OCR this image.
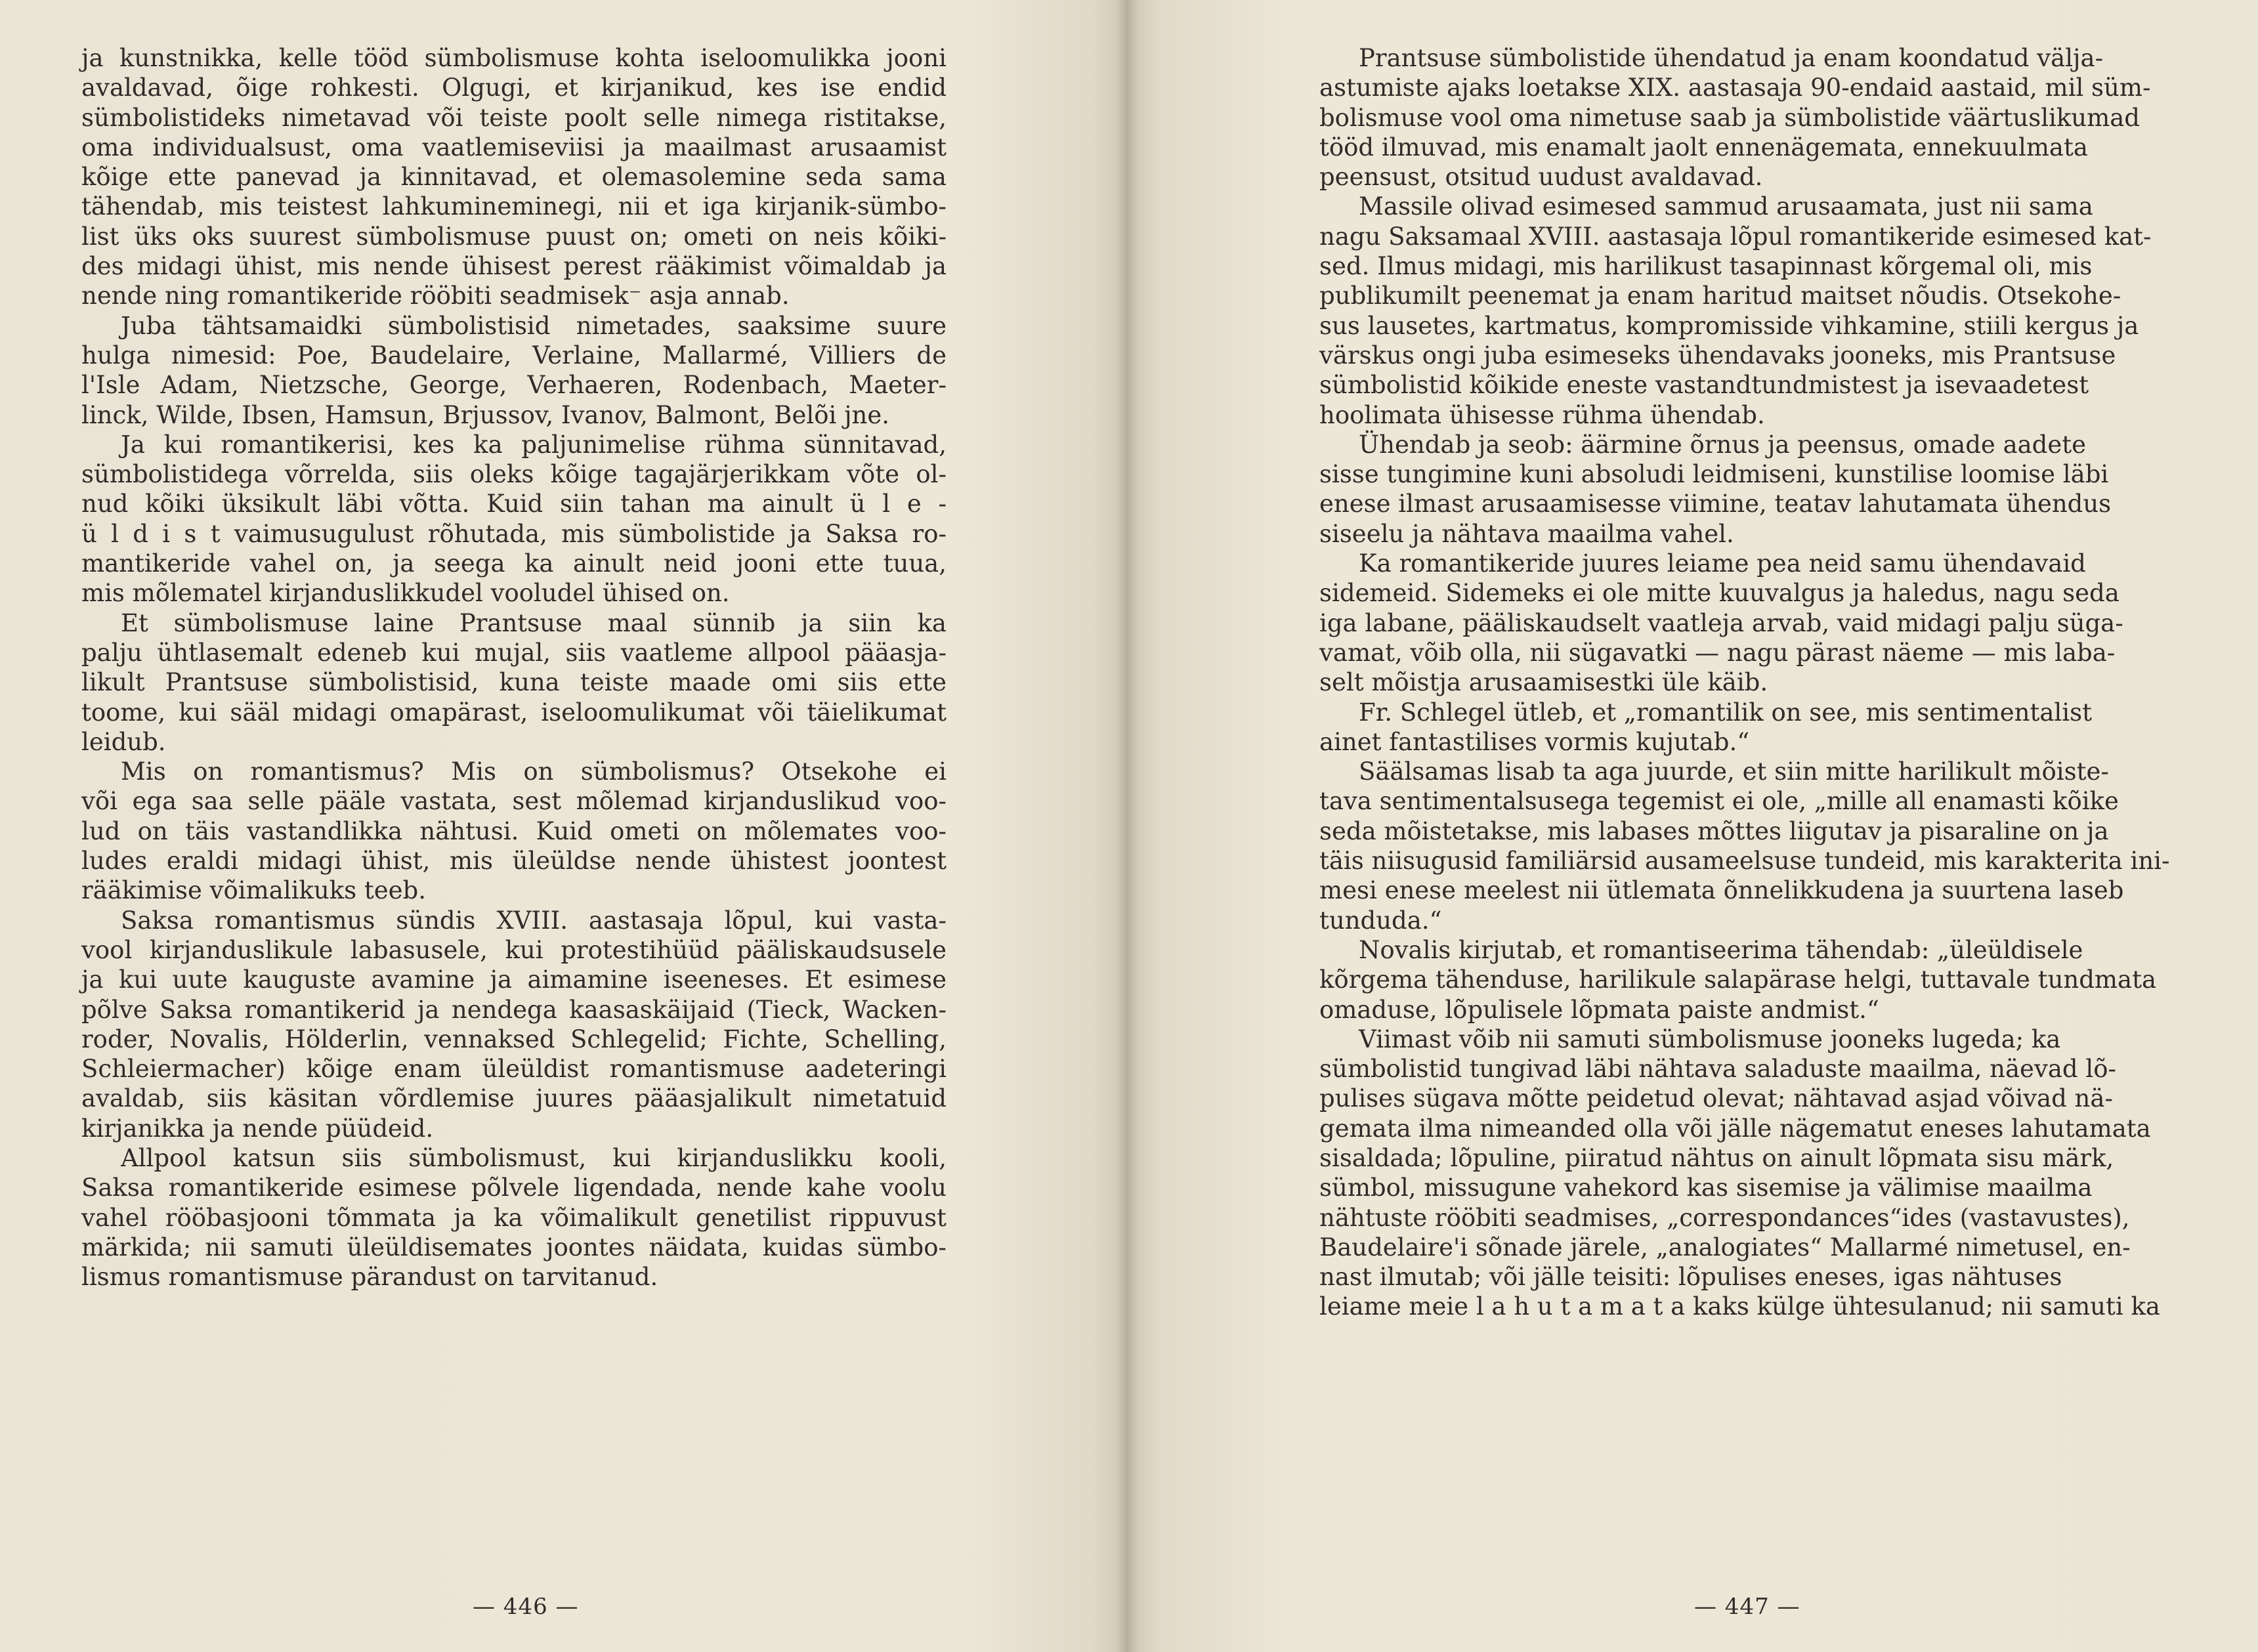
ja kunstnikka, kelle tööd sümbolismuse kohta iseloomulikka jooni
avaldavad, õige rohkesti. Olgugi, et kirjanikud, kes ise endid
sümbolistideks nimetavad või teiste poolt selle nimega ristitakse,
oma individualsust, oma vaatlemiseviisi ja maailmast arusaamist
kõige ette panevad ja kinnitavad, et olemasolemine seda sama
tähendab, mis teistest lahkumineminegi, nii et iga kirjanik-sümbo-
list üks oks suurest sümbolismuse puust on; ometi on neis kõiki-
des midagi ühist, mis nende ühisest perest rääkimist võimaldab ja
nende ning romantikeride rööbiti seadmisek⁻ asja annab.
Juba tähtsamaidki sümbolistisid nimetades, saaksime suure
hulga nimesid: Poe, Baudelaire, Verlaine, Mallarmé, Villiers de
l'Isle Adam, Nietzsche, George, Verhaeren, Rodenbach, Maeter-
linck, Wilde, Ibsen, Hamsun, Brjussov, Ivanov, Balmont, Belõi jne.
Ja kui romantikerisi, kes ka paljunimelise rühma sünnitavad,
sümbolistidega võrrelda, siis oleks kõige tagajärjerikkam võte ol-
nud kõiki üksikult läbi võtta. Kuid siin tahan ma ainult ü l e -
ü l d i s t vaimusugulust rõhutada, mis sümbolistide ja Saksa ro-
mantikeride vahel on, ja seega ka ainult neid jooni ette tuua,
mis mõlematel kirjanduslikkudel vooludel ühised on.
Et sümbolismuse laine Prantsuse maal sünnib ja siin ka
palju ühtlasemalt edeneb kui mujal, siis vaatleme allpool pääasja-
likult Prantsuse sümbolistisid, kuna teiste maade omi siis ette
toome, kui sääl midagi omapärast, iseloomulikumat või täielikumat
leidub.
Mis on romantismus? Mis on sümbolismus? Otsekohe ei
või ega saa selle pääle vastata, sest mõlemad kirjanduslikud voo-
lud on täis vastandlikka nähtusi. Kuid ometi on mõlemates voo-
ludes eraldi midagi ühist, mis üleüldse nende ühistest joontest
rääkimise võimalikuks teeb.
Saksa romantismus sündis XVIII. aastasaja lõpul, kui vasta-
vool kirjanduslikule labasusele, kui protestihüüd pääliskaudsusele
ja kui uute kauguste avamine ja aimamine iseeneses. Et esimese
põlve Saksa romantikerid ja nendega kaasaskäijaid (Tieck, Wacken-
roder, Novalis, Hölderlin, vennaksed Schlegelid; Fichte, Schelling,
Schleiermacher) kõige enam üleüldist romantismuse aadeteringi
avaldab, siis käsitan võrdlemise juures pääasjalikult nimetatuid
kirjanikka ja nende püüdeid.
Allpool katsun siis sümbolismust, kui kirjanduslikku kooli,
Saksa romantikeride esimese põlvele ligendada, nende kahe voolu
vahel rööbasjooni tõmmata ja ka võimalikult genetilist rippuvust
märkida; nii samuti üleüldisemates joontes näidata, kuidas sümbo-
lismus romantismuse pärandust on tarvitanud.
— 446 —
Prantsuse sümbolistide ühendatud ja enam koondatud välja-
astumiste ajaks loetakse XIX. aastasaja 90-endaid aastaid, mil süm-
bolismuse vool oma nimetuse saab ja sümbolistide väärtuslikumad
tööd ilmuvad, mis enamalt jaolt ennenägemata, ennekuulmata
peensust, otsitud uudust avaldavad.
Massile olivad esimesed sammud arusaamata, just nii sama
nagu Saksamaal XVIII. aastasaja lõpul romantikeride esimesed kat-
sed. Ilmus midagi, mis harilikust tasapinnast kõrgemal oli, mis
publikumilt peenemat ja enam haritud maitset nõudis. Otsekohe-
sus lausetes, kartmatus, kompromisside vihkamine, stiili kergus ja
värskus ongi juba esimeseks ühendavaks jooneks, mis Prantsuse
sümbolistid kõikide eneste vastandtundmistest ja isevaadetest
hoolimata ühisesse rühma ühendab.
Ühendab ja seob: äärmine õrnus ja peensus, omade aadete
sisse tungimine kuni absoludi leidmiseni, kunstilise loomise läbi
enese ilmast arusaamisesse viimine, teatav lahutamata ühendus
siseelu ja nähtava maailma vahel.
Ka romantikeride juures leiame pea neid samu ühendavaid
sidemeid. Sidemeks ei ole mitte kuuvalgus ja haledus, nagu seda
iga labane, pääliskaudselt vaatleja arvab, vaid midagi palju süga-
vamat, võib olla, nii sügavatki — nagu pärast näeme — mis laba-
selt mõistja arusaamisestki üle käib.
Fr. Schlegel ütleb, et „romantilik on see, mis sentimentalist
ainet fantastilises vormis kujutab.“
Säälsamas lisab ta aga juurde, et siin mitte harilikult mõiste-
tava sentimentalsusega tegemist ei ole, „mille all enamasti kõike
seda mõistetakse, mis labases mõttes liigutav ja pisaraline on ja
täis niisugusid familiärsid ausameelsuse tundeid, mis karakterita ini-
mesi enese meelest nii ütlemata õnnelikkudena ja suurtena laseb
tunduda.“
Novalis kirjutab, et romantiseerima tähendab: „üleüldisele
kõrgema tähenduse, harilikule salapärase helgi, tuttavale tundmata
omaduse, lõpulisele lõpmata paiste andmist.“
Viimast võib nii samuti sümbolismuse jooneks lugeda; ka
sümbolistid tungivad läbi nähtava saladuste maailma, näevad lõ-
pulises sügava mõtte peidetud olevat; nähtavad asjad võivad nä-
gemata ilma nimeanded olla või jälle nägematut eneses lahutamata
sisaldada; lõpuline, piiratud nähtus on ainult lõpmata sisu märk,
sümbol, missugune vahekord kas sisemise ja välimise maailma
nähtuste rööbiti seadmises, „correspondances“ides (vastavustes),
Baudelaire'i sõnade järele, „analogiates“ Mallarmé nimetusel, en-
nast ilmutab; või jälle teisiti: lõpulises eneses, igas nähtuses
leiame meie l a h u t a m a t a kaks külge ühtesulanud; nii samuti ka
— 447 —
